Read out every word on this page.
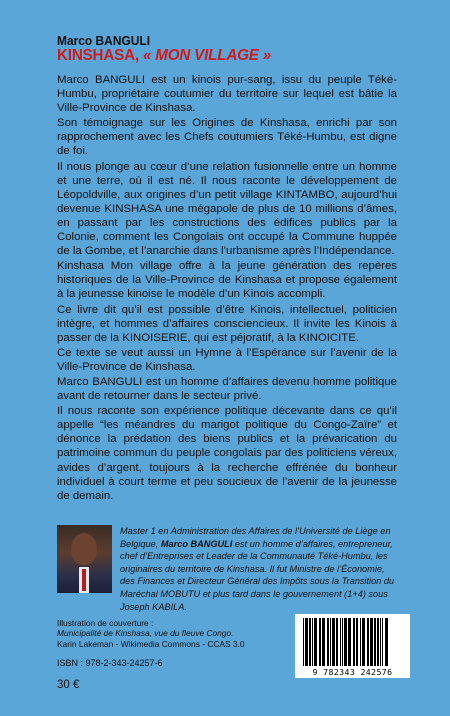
Marco BANGULI
KINSHASA, « MON VILLAGE »

Marco BANGULI est un kinois pur-sang, issu du peuple Téké-Humbu, propriétaire coutumier du territoire sur lequel est bâtie la Ville-Province de Kinshasa.

Son témoignage sur les Origines de Kinshasa, enrichi par son rapprochement avec les Chefs coutumiers Téké-Humbu, est digne de foi.

Il nous plonge au cœur d’une relation fusionnelle entre un homme et une terre, où il est né. Il nous raconte le développement de Léopoldville, aux origines d’un petit village KINTAMBO, aujourd’hui devenue KINSHASA une mégapole de plus de 10 millions d’âmes, en passant par les constructions des édifices publics par la Colonie, comment les Congolais ont occupé la Commune huppée de la Gombe, et l’anarchie dans l’urbanisme après l’Indépendance.

Kinshasa Mon village offre à la jeune génération des repères historiques de la Ville-Province de Kinshasa et propose également à la jeunesse kinoise le modèle d’un Kinois accompli.

Ce livre dit qu’il est possible d’être Kinois, intellectuel, politicien intègre, et hommes d’affaires consciencieux. Il invite les Kinois à passer de la KINOISERIE, qui est péjoratif, à la KINOICITE.

Ce texte se veut aussi un Hymne à l’Espérance sur l’avenir de la Ville-Province de Kinshasa.

Marco BANGULI est un homme d’affaires devenu homme politique avant de retourner dans le secteur privé.

Il nous raconte son expérience politique décevante dans ce qu’il appelle “les méandres du marigot politique du Congo-Zaïre” et dénonce la prédation des biens publics et la prévarication du patrimoine commun du peuple congolais par des politiciens véreux, avides d’argent, toujours à la recherche effrénée du bonheur individuel à court terme et peu soucieux de l’avenir de la jeunesse de demain.

Master 1 en Administration des Affaires de l’Université de Liège en Belgique, Marco BANGULI est un homme d’affaires, entrepreneur, chef d’Entreprises et Leader de la Communauté Téké-Humbu, les originaires du territoire de Kinshasa. Il fut Ministre de l’Économie, des Finances et Directeur Général des Impôts sous la Transition du Maréchal MOBUTU et plus tard dans le gouvernement (1+4) sous Joseph KABILA.
Illustration de couverture :
Municipalité de Kinshasa, vue du fleuve Congo.
Karin Lakeman - Wikimedia Commons - CCAS 3.0
ISBN : 978-2-343-24257-6
30 €
9 782343 242576
